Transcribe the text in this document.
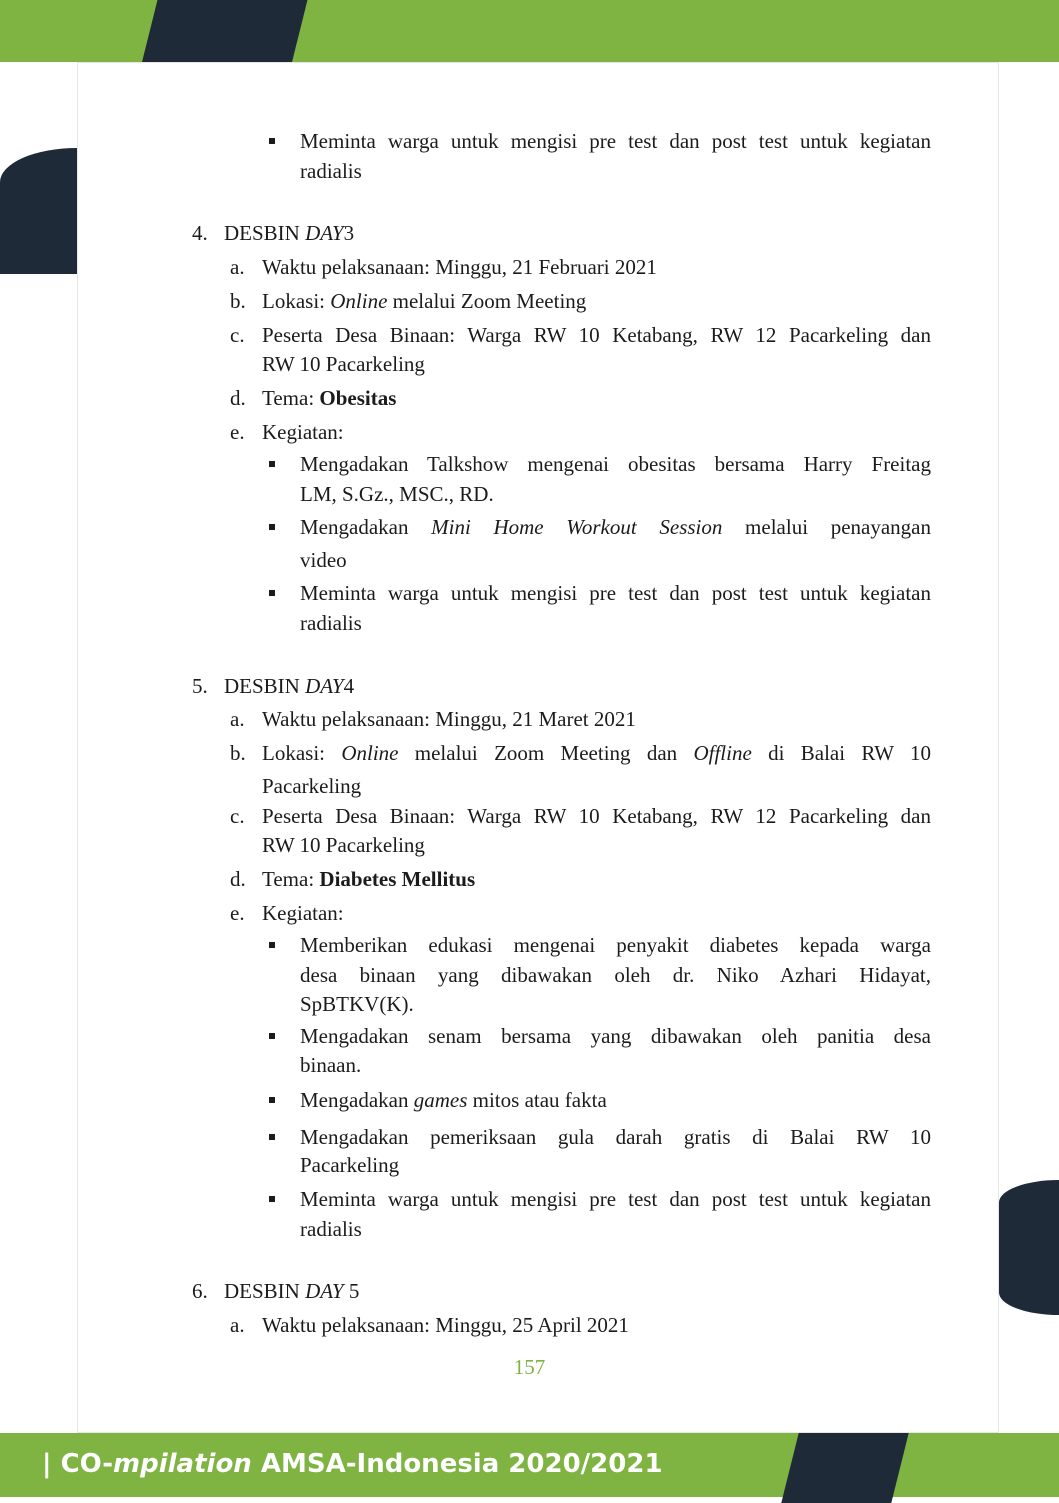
Meminta warga untuk mengisi pre test dan post test untuk kegiatan
radialis
4. DESBIN DAY3
a. Waktu pelaksanaan: Minggu, 21 Februari 2021
b. Lokasi: Online melalui Zoom Meeting
c. Peserta Desa Binaan: Warga RW 10 Ketabang, RW 12 Pacarkeling dan
RW 10 Pacarkeling
d. Tema: Obesitas
e. Kegiatan:
Mengadakan Talkshow mengenai obesitas bersama Harry Freitag
LM, S.Gz., MSC., RD.
Mengadakan Mini Home Workout Session melalui penayangan
video
Meminta warga untuk mengisi pre test dan post test untuk kegiatan
radialis
5. DESBIN DAY4
a. Waktu pelaksanaan: Minggu, 21 Maret 2021
b. Lokasi: Online melalui Zoom Meeting dan Offline di Balai RW 10
Pacarkeling
c. Peserta Desa Binaan: Warga RW 10 Ketabang, RW 12 Pacarkeling dan
RW 10 Pacarkeling
d. Tema: Diabetes Mellitus
e. Kegiatan:
Memberikan edukasi mengenai penyakit diabetes kepada warga
desa binaan yang dibawakan oleh dr. Niko Azhari Hidayat,
SpBTKV(K).
Mengadakan senam bersama yang dibawakan oleh panitia desa
binaan.
Mengadakan games mitos atau fakta
Mengadakan pemeriksaan gula darah gratis di Balai RW 10
Pacarkeling
Meminta warga untuk mengisi pre test dan post test untuk kegiatan
radialis
6. DESBIN DAY 5
a. Waktu pelaksanaan: Minggu, 25 April 2021
157
| CO-mpilation AMSA-Indonesia 2020/2021
